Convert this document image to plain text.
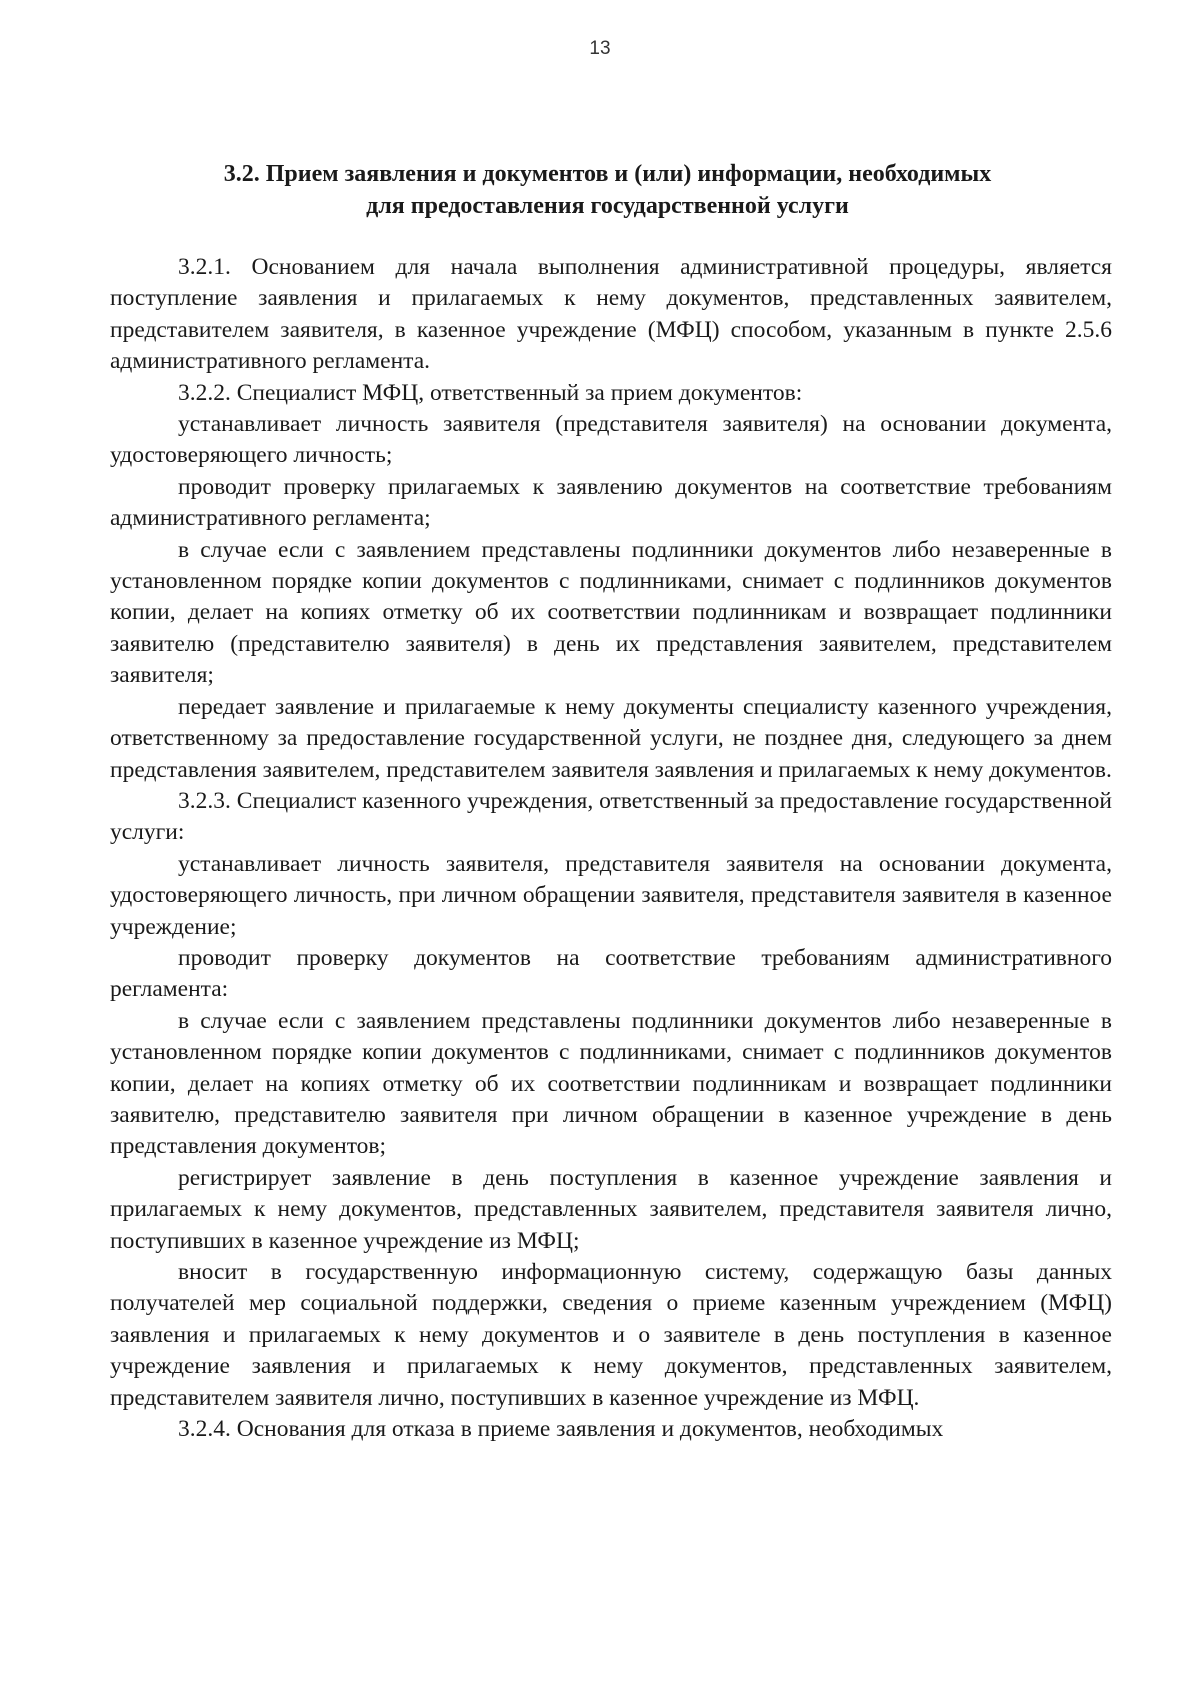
13
3.2. Прием заявления и документов и (или) информации, необходимых
для предоставления государственной услуги

3.2.1. Основанием для начала выполнения административной процедуры, является поступление заявления и прилагаемых к нему документов, представленных заявителем, представителем заявителя, в казенное учреждение (МФЦ) способом, указанным в пункте 2.5.6 административного регламента.

3.2.2. Специалист МФЦ, ответственный за прием документов:

устанавливает личность заявителя (представителя заявителя) на основании документа, удостоверяющего личность;

проводит проверку прилагаемых к заявлению документов на соответствие требованиям административного регламента;

в случае если с заявлением представлены подлинники документов либо незаверенные в установленном порядке копии документов с подлинниками, снимает с подлинников документов копии, делает на копиях отметку об их соответствии подлинникам и возвращает подлинники заявителю (представителю заявителя) в день их представления заявителем, представителем заявителя;

передает заявление и прилагаемые к нему документы специалисту казенного учреждения, ответственному за предоставление государственной услуги, не позднее дня, следующего за днем представления заявителем, представителем заявителя заявления и прилагаемых к нему документов.

3.2.3. Специалист казенного учреждения, ответственный за предоставление государственной услуги:

устанавливает личность заявителя, представителя заявителя на основании документа, удостоверяющего личность, при личном обращении заявителя, представителя заявителя в казенное учреждение;

проводит проверку документов на соответствие требованиям административного регламента:

в случае если с заявлением представлены подлинники документов либо незаверенные в установленном порядке копии документов с подлинниками, снимает с подлинников документов копии, делает на копиях отметку об их соответствии подлинникам и возвращает подлинники заявителю, представителю заявителя при личном обращении в казенное учреждение в день представления документов;

регистрирует заявление в день поступления в казенное учреждение заявления и прилагаемых к нему документов, представленных заявителем, представителя заявителя лично, поступивших в казенное учреждение из МФЦ;

вносит в государственную информационную систему, содержащую базы данных получателей мер социальной поддержки, сведения о приеме казенным учреждением (МФЦ) заявления и прилагаемых к нему документов и о заявителе в день поступления в казенное учреждение заявления и прилагаемых к нему документов, представленных заявителем, представителем заявителя лично, поступивших в казенное учреждение из МФЦ.

3.2.4. Основания для отказа в приеме заявления и документов, необходимых
